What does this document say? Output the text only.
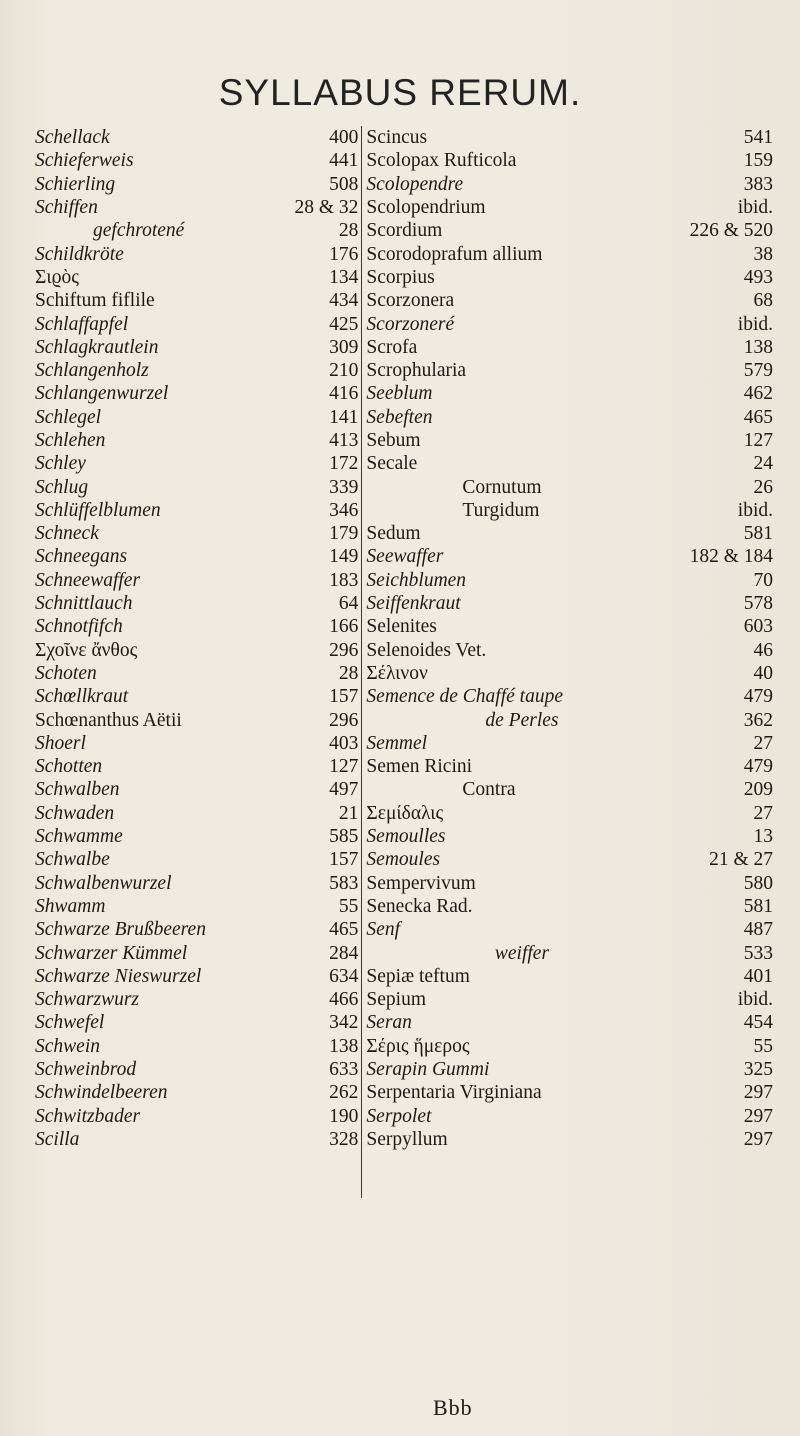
SYLLABUS RERUM.
Schellack	400	Scincus	541
Schieferweis	441	Scolopax Rufticola	159
Schierling	508	Scolopendre	383
Schiffen	28 & 32	Scolopendrium	ibid.
gefchrotené	28	Scordium	226 & 520
Schildkröte	176	Scorodoprafum allium	38
Σιϱὸς	134	Scorpius	493
Schiftum fiflile	434	Scorzonera	68
Schlaffapfel	425	Scorzoneré	ibid.
Schlagkrautlein	309	Scrofa	138
Schlangenholz	210	Scrophularia	579
Schlangenwurzel	416	Seeblum	462
Schlegel	141	Sebeften	465
Schlehen	413	Sebum	127
Schley	172	Secale	24
Schlug	339	Cornutum	26
Schlüffelblumen	346	Turgidum	ibid.
Schneck	179	Sedum	581
Schneegans	149	Seewaffer	182 & 184
Schneewaffer	183	Seichblumen	70
Schnittlauch	64	Seiffenkraut	578
Schnotfifch	166	Selenites	603
Σχοῖνε ἄνθος	296	Selenoides Vet.	46
Schoten	28	Σέλινον	40
Schœllkraut	157	Semence de Chaffé taupe	479
Schœnanthus Aëtii	296	de Perles	362
Shoerl	403	Semmel	27
Schotten	127	Semen Ricini	479
Schwalben	497	Contra	209
Schwaden	21	Σεμίδαλις	27
Schwamme	585	Semoulles	13
Schwalbe	157	Semoules	21 & 27
Schwalbenwurzel	583	Sempervivum	580
Shwamm	55	Senecka Rad.	581
Schwarze Brußbeeren	465	Senf	487
Schwarzer Kümmel	284	weiffer	533
Schwarze Nieswurzel	634	Sepiæ teftum	401
Schwarzwurz	466	Sepium	ibid.
Schwefel	342	Seran	454
Schwein	138	Σέρις ἥμερος	55
Schweinbrod	633	Serapin Gummi	325
Schwindelbeeren	262	Serpentaria Virginiana	297
Schwitzbader	190	Serpolet	297
Scilla	328	Serpyllum	297

Bbb
